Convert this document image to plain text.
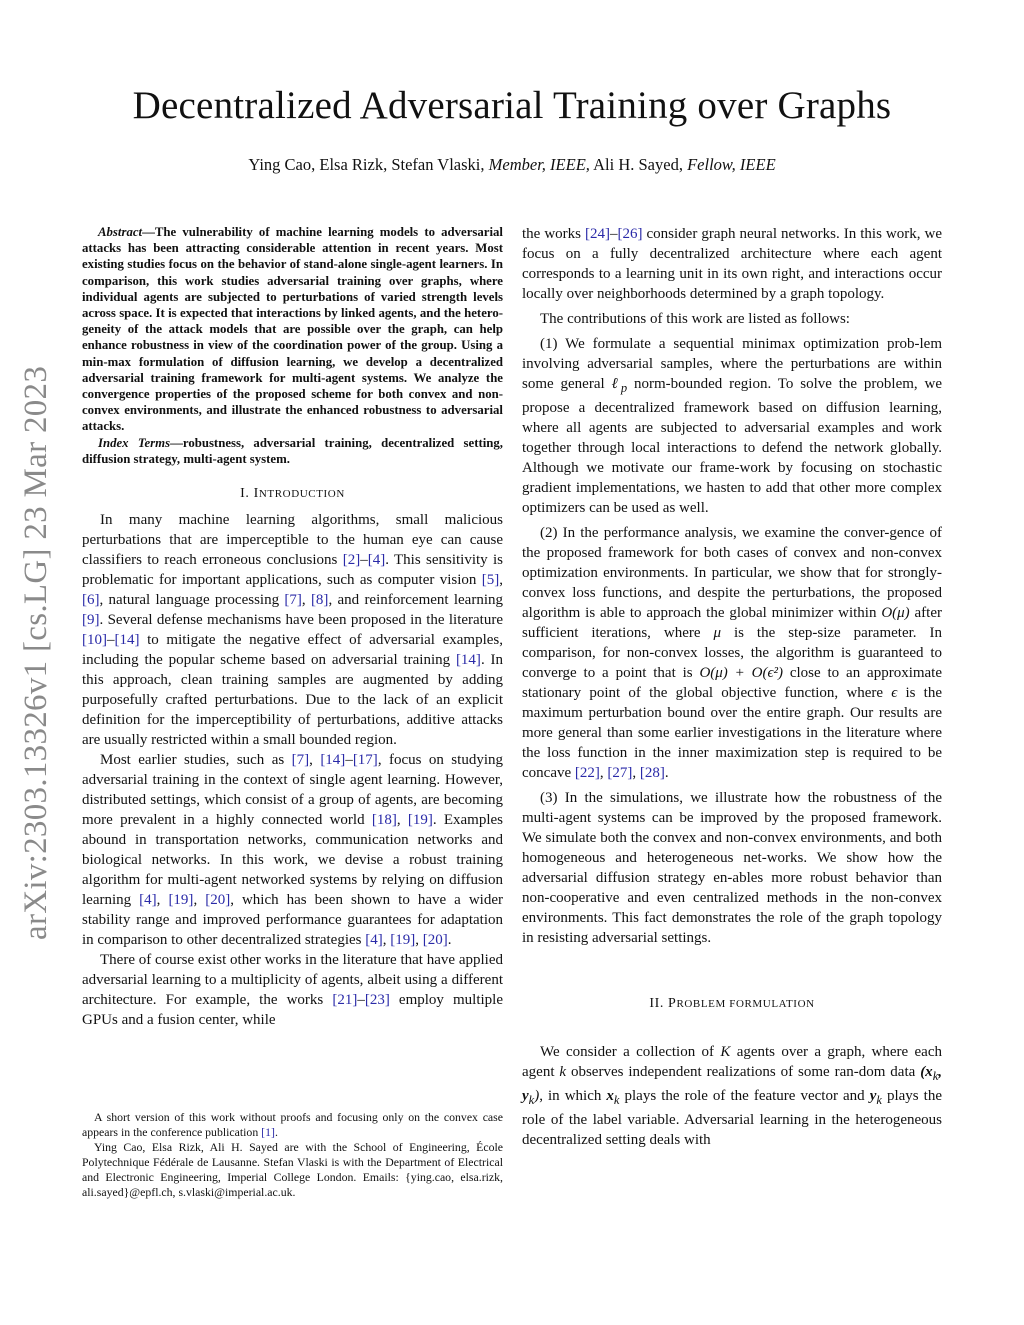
arXiv:2303.13326v1 [cs.LG] 23 Mar 2023
Decentralized Adversarial Training over Graphs
Ying Cao, Elsa Rizk, Stefan Vlaski, Member, IEEE, Ali H. Sayed, Fellow, IEEE
Abstract—The vulnerability of machine learning models to adversarial attacks has been attracting considerable attention in recent years. Most existing studies focus on the behavior of stand-alone single-agent learners. In comparison, this work studies adversarial training over graphs, where individual agents are subjected to perturbations of varied strength levels across space. It is expected that interactions by linked agents, and the hetero-geneity of the attack models that are possible over the graph, can help enhance robustness in view of the coordination power of the group. Using a min-max formulation of diffusion learning, we develop a decentralized adversarial training framework for multi-agent systems. We analyze the convergence properties of the proposed scheme for both convex and non-convex environments, and illustrate the enhanced robustness to adversarial attacks.
Index Terms—robustness, adversarial training, decentralized setting, diffusion strategy, multi-agent system.
I. INTRODUCTION

In many machine learning algorithms, small malicious perturbations that are imperceptible to the human eye can cause classifiers to reach erroneous conclusions [2]–[4]. This sensitivity is problematic for important applications, such as computer vision [5], [6], natural language processing [7], [8], and reinforcement learning [9]. Several defense mechanisms have been proposed in the literature [10]–[14] to mitigate the negative effect of adversarial examples, including the popular scheme based on adversarial training [14]. In this approach, clean training samples are augmented by adding purposefully crafted perturbations. Due to the lack of an explicit definition for the imperceptibility of perturbations, additive attacks are usually restricted within a small bounded region.

Most earlier studies, such as [7], [14]–[17], focus on studying adversarial training in the context of single agent learning. However, distributed settings, which consist of a group of agents, are becoming more prevalent in a highly connected world [18], [19]. Examples abound in transportation networks, communication networks and biological networks. In this work, we devise a robust training algorithm for multi-agent networked systems by relying on diffusion learning [4], [19], [20], which has been shown to have a wider stability range and improved performance guarantees for adaptation in comparison to other decentralized strategies [4], [19], [20].

There of course exist other works in the literature that have applied adversarial learning to a multiplicity of agents, albeit using a different architecture. For example, the works [21]–[23] employ multiple GPUs and a fusion center, while

A short version of this work without proofs and focusing only on the convex case appears in the conference publication [1].

Ying Cao, Elsa Rizk, Ali H. Sayed are with the School of Engineering, École Polytechnique Fédérale de Lausanne. Stefan Vlaski is with the Department of Electrical and Electronic Engineering, Imperial College London. Emails: {ying.cao, elsa.rizk, ali.sayed}@epfl.ch, s.vlaski@imperial.ac.uk.

the works [24]–[26] consider graph neural networks. In this work, we focus on a fully decentralized architecture where each agent corresponds to a learning unit in its own right, and interactions occur locally over neighborhoods determined by a graph topology.

The contributions of this work are listed as follows:

(1) We formulate a sequential minimax optimization prob-lem involving adversarial samples, where the perturbations are within some general ℓ$_p$ norm-bounded region. To solve the problem, we propose a decentralized framework based on diffusion learning, where all agents are subjected to adversarial examples and work together through local interactions to defend the network globally. Although we motivate our frame-work by focusing on stochastic gradient implementations, we hasten to add that other more complex optimizers can be used as well.

(2) In the performance analysis, we examine the conver-gence of the proposed framework for both cases of convex and non-convex optimization environments. In particular, we show that for strongly-convex loss functions, and despite the perturbations, the proposed algorithm is able to approach the global minimizer within O(μ) after sufficient iterations, where μ is the step-size parameter. In comparison, for non-convex losses, the algorithm is guaranteed to converge to a point that is O(μ) + O(ϵ²) close to an approximate stationary point of the global objective function, where ϵ is the maximum perturbation bound over the entire graph. Our results are more general than some earlier investigations in the literature where the loss function in the inner maximization step is required to be concave [22], [27], [28].

(3) In the simulations, we illustrate how the robustness of the multi-agent systems can be improved by the proposed framework. We simulate both the convex and non-convex environments, and both homogeneous and heterogeneous net-works. We show how the adversarial diffusion strategy en-ables more robust behavior than non-cooperative and even centralized methods in the non-convex environments. This fact demonstrates the role of the graph topology in resisting adversarial settings.

II. PROBLEM FORMULATION

We consider a collection of K agents over a graph, where each agent k observes independent realizations of some ran-dom data ($x_k$, $y_k$), in which $x_k$ plays the role of the feature vector and $y_k$ plays the role of the label variable. Adversarial learning in the heterogeneous decentralized setting deals with
